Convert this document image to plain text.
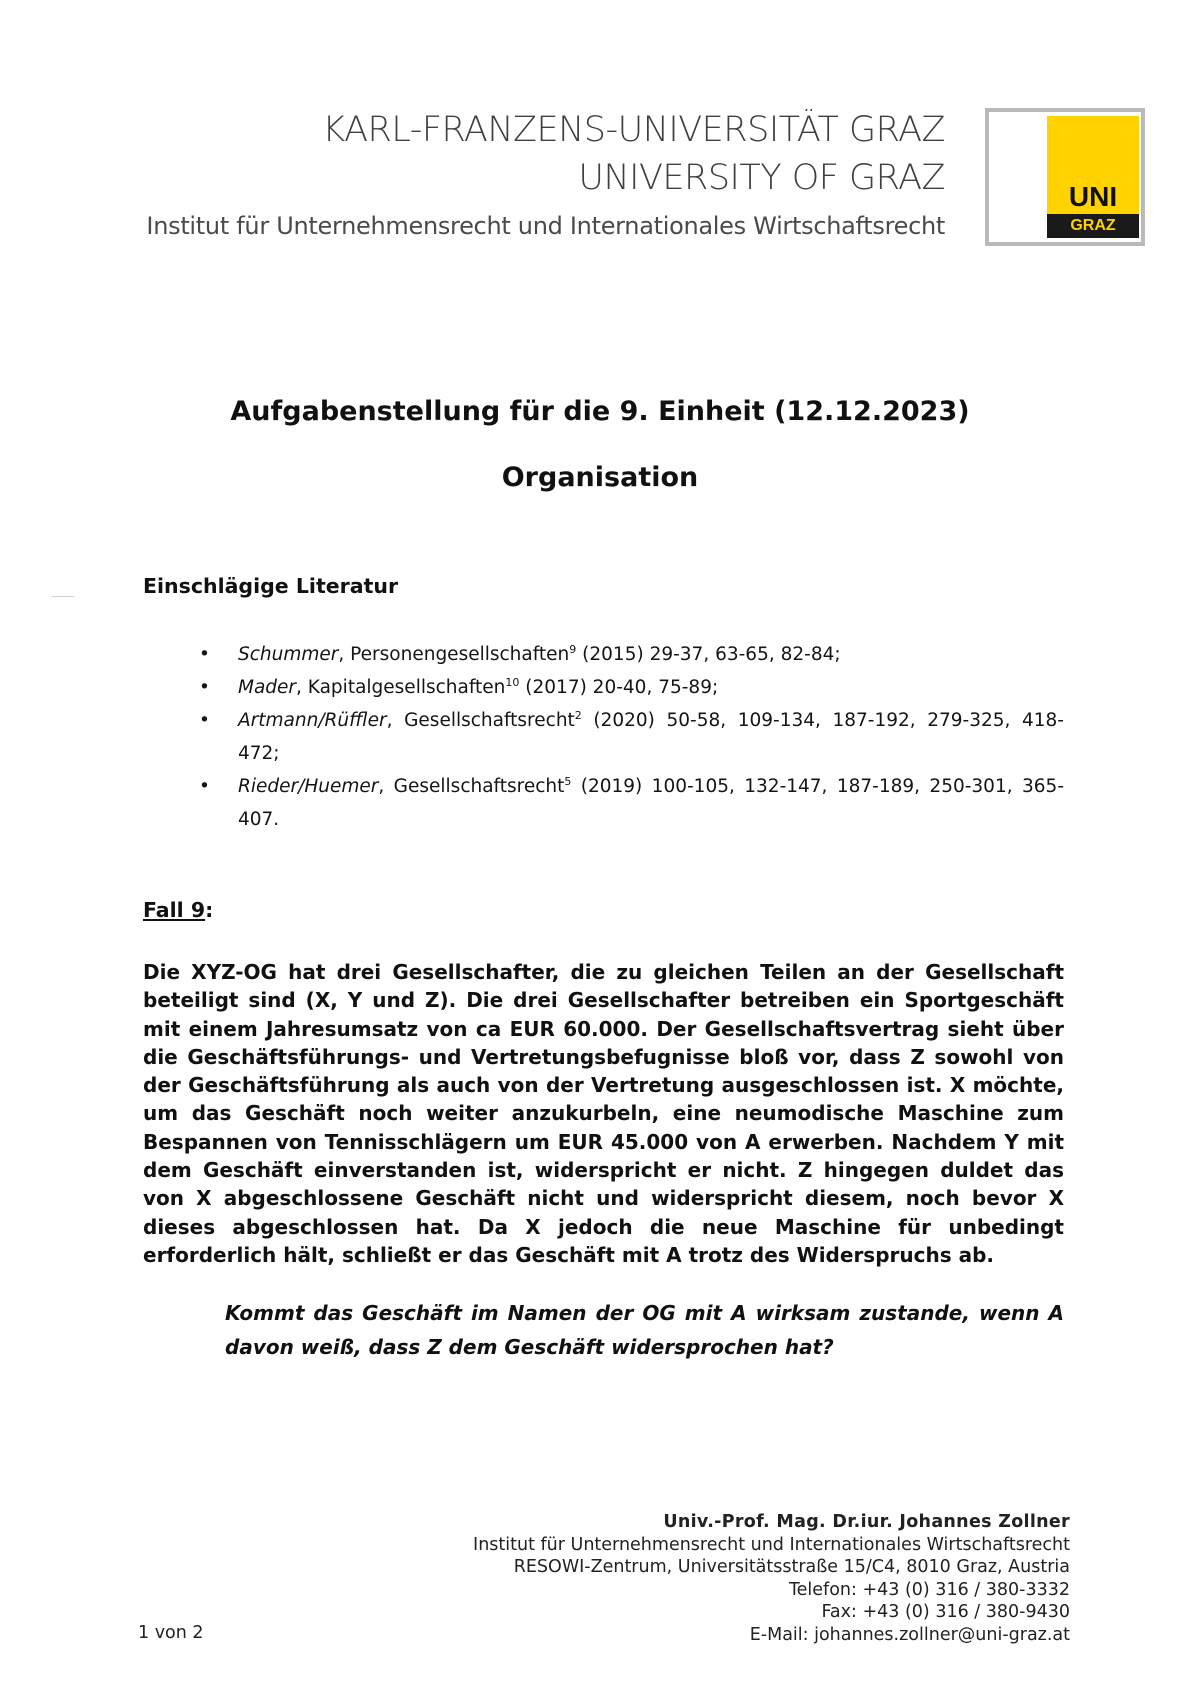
KARL-FRANZENS-UNIVERSITÄT GRAZ
UNIVERSITY OF GRAZ
Institut für Unternehmensrecht und Internationales Wirtschaftsrecht
UNI
GRAZ
Aufgabenstellung für die 9. Einheit (12.12.2023)
Organisation
Einschlägige Literatur
• Schummer, Personengesellschaften$^9$ (2015) 29-37, 63-65, 82-84;
• Mader, Kapitalgesellschaften$^{10}$ (2017) 20-40, 75-89;
• Artmann/Rüffler, Gesellschaftsrecht$^2$ (2020) 50-58, 109-134, 187-192, 279-325, 418-472;
• Rieder/Huemer, Gesellschaftsrecht$^5$ (2019) 100-105, 132-147, 187-189, 250-301, 365-407.
Fall 9:
Die XYZ-OG hat drei Gesellschafter, die zu gleichen Teilen an der Gesellschaft beteiligt sind (X, Y und Z). Die drei Gesellschafter betreiben ein Sportgeschäft mit einem Jahresumsatz von ca EUR 60.000. Der Gesellschaftsvertrag sieht über die Geschäftsführungs- und Vertretungsbefugnisse bloß vor, dass Z sowohl von der Geschäftsführung als auch von der Vertretung ausgeschlossen ist. X möchte, um das Geschäft noch weiter anzukurbeln, eine neumodische Maschine zum Bespannen von Tennisschlägern um EUR 45.000 von A erwerben. Nachdem Y mit dem Geschäft einverstanden ist, widerspricht er nicht. Z hingegen duldet das von X abgeschlossene Geschäft nicht und widerspricht diesem, noch bevor X dieses abgeschlossen hat. Da X jedoch die neue Maschine für unbedingt erforderlich hält, schließt er das Geschäft mit A trotz des Widerspruchs ab.
Kommt das Geschäft im Namen der OG mit A wirksam zustande, wenn A davon weiß, dass Z dem Geschäft widersprochen hat?
Univ.-Prof. Mag. Dr.iur. Johannes Zollner
Institut für Unternehmensrecht und Internationales Wirtschaftsrecht
RESOWI-Zentrum, Universitätsstraße 15/C4, 8010 Graz, Austria
Telefon: +43 (0) 316 / 380-3332
Fax: +43 (0) 316 / 380-9430
E-Mail: johannes.zollner@uni-graz.at
1 von 2
